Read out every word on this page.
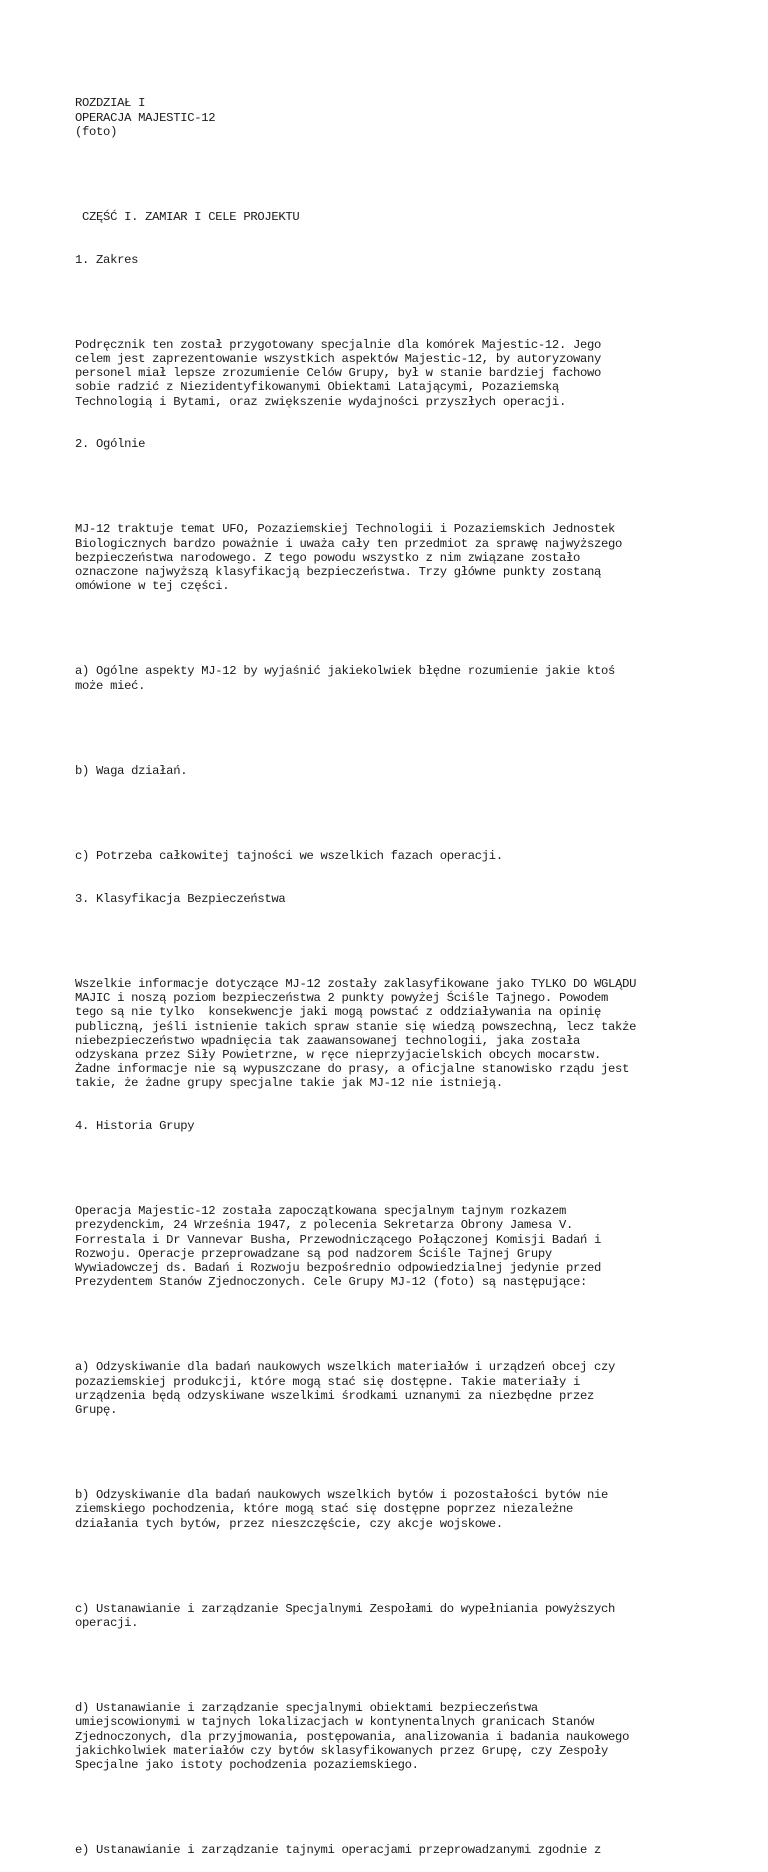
ROZDZIAŁ I
OPERACJA MAJESTIC-12
(foto)

CZĘŚĆ I. ZAMIAR I CELE PROJEKTU

1. Zakres

Podręcznik ten został przygotowany specjalnie dla komórek Majestic-12. Jego
celem jest zaprezentowanie wszystkich aspektów Majestic-12, by autoryzowany
personel miał lepsze zrozumienie Celów Grupy, był w stanie bardziej fachowo
sobie radzić z Niezidentyfikowanymi Obiektami Latającymi, Pozaziemską
Technologią i Bytami, oraz zwiększenie wydajności przyszłych operacji.

2. Ogólnie

MJ-12 traktuje temat UFO, Pozaziemskiej Technologii i Pozaziemskich Jednostek
Biologicznych bardzo poważnie i uważa cały ten przedmiot za sprawę najwyższego
bezpieczeństwa narodowego. Z tego powodu wszystko z nim związane zostało
oznaczone najwyższą klasyfikacją bezpieczeństwa. Trzy główne punkty zostaną
omówione w tej części.

a) Ogólne aspekty MJ-12 by wyjaśnić jakiekolwiek błędne rozumienie jakie ktoś
może mieć.

b) Waga działań.

c) Potrzeba całkowitej tajności we wszelkich fazach operacji.

3. Klasyfikacja Bezpieczeństwa

Wszelkie informacje dotyczące MJ-12 zostały zaklasyfikowane jako TYLKO DO WGLĄDU
MAJIC i noszą poziom bezpieczeństwa 2 punkty powyżej Ściśle Tajnego. Powodem
tego są nie tylko  konsekwencje jaki mogą powstać z oddziaływania na opinię
publiczną, jeśli istnienie takich spraw stanie się wiedzą powszechną, lecz także
niebezpieczeństwo wpadnięcia tak zaawansowanej technologii, jaka została
odzyskana przez Siły Powietrzne, w ręce nieprzyjacielskich obcych mocarstw.
Żadne informacje nie są wypuszczane do prasy, a oficjalne stanowisko rządu jest
takie, że żadne grupy specjalne takie jak MJ-12 nie istnieją.

4. Historia Grupy

Operacja Majestic-12 została zapoczątkowana specjalnym tajnym rozkazem
prezydenckim, 24 Września 1947, z polecenia Sekretarza Obrony Jamesa V.
Forrestala i Dr Vannevar Busha, Przewodniczącego Połączonej Komisji Badań i
Rozwoju. Operacje przeprowadzane są pod nadzorem Ściśle Tajnej Grupy
Wywiadowczej ds. Badań i Rozwoju bezpośrednio odpowiedzialnej jedynie przed
Prezydentem Stanów Zjednoczonych. Cele Grupy MJ-12 (foto) są następujące:

a) Odzyskiwanie dla badań naukowych wszelkich materiałów i urządzeń obcej czy
pozaziemskiej produkcji, które mogą stać się dostępne. Takie materiały i
urządzenia będą odzyskiwane wszelkimi środkami uznanymi za niezbędne przez
Grupę.

b) Odzyskiwanie dla badań naukowych wszelkich bytów i pozostałości bytów nie
ziemskiego pochodzenia, które mogą stać się dostępne poprzez niezależne
działania tych bytów, przez nieszczęście, czy akcje wojskowe.

c) Ustanawianie i zarządzanie Specjalnymi Zespołami do wypełniania powyższych
operacji.

d) Ustanawianie i zarządzanie specjalnymi obiektami bezpieczeństwa
umiejscowionymi w tajnych lokalizacjach w kontynentalnych granicach Stanów
Zjednoczonych, dla przyjmowania, postępowania, analizowania i badania naukowego
jakichkolwiek materiałów czy bytów sklasyfikowanych przez Grupę, czy Zespoły
Specjalne jako istoty pochodzenia pozaziemskiego.

e) Ustanawianie i zarządzanie tajnymi operacjami przeprowadzanymi zgodnie z
